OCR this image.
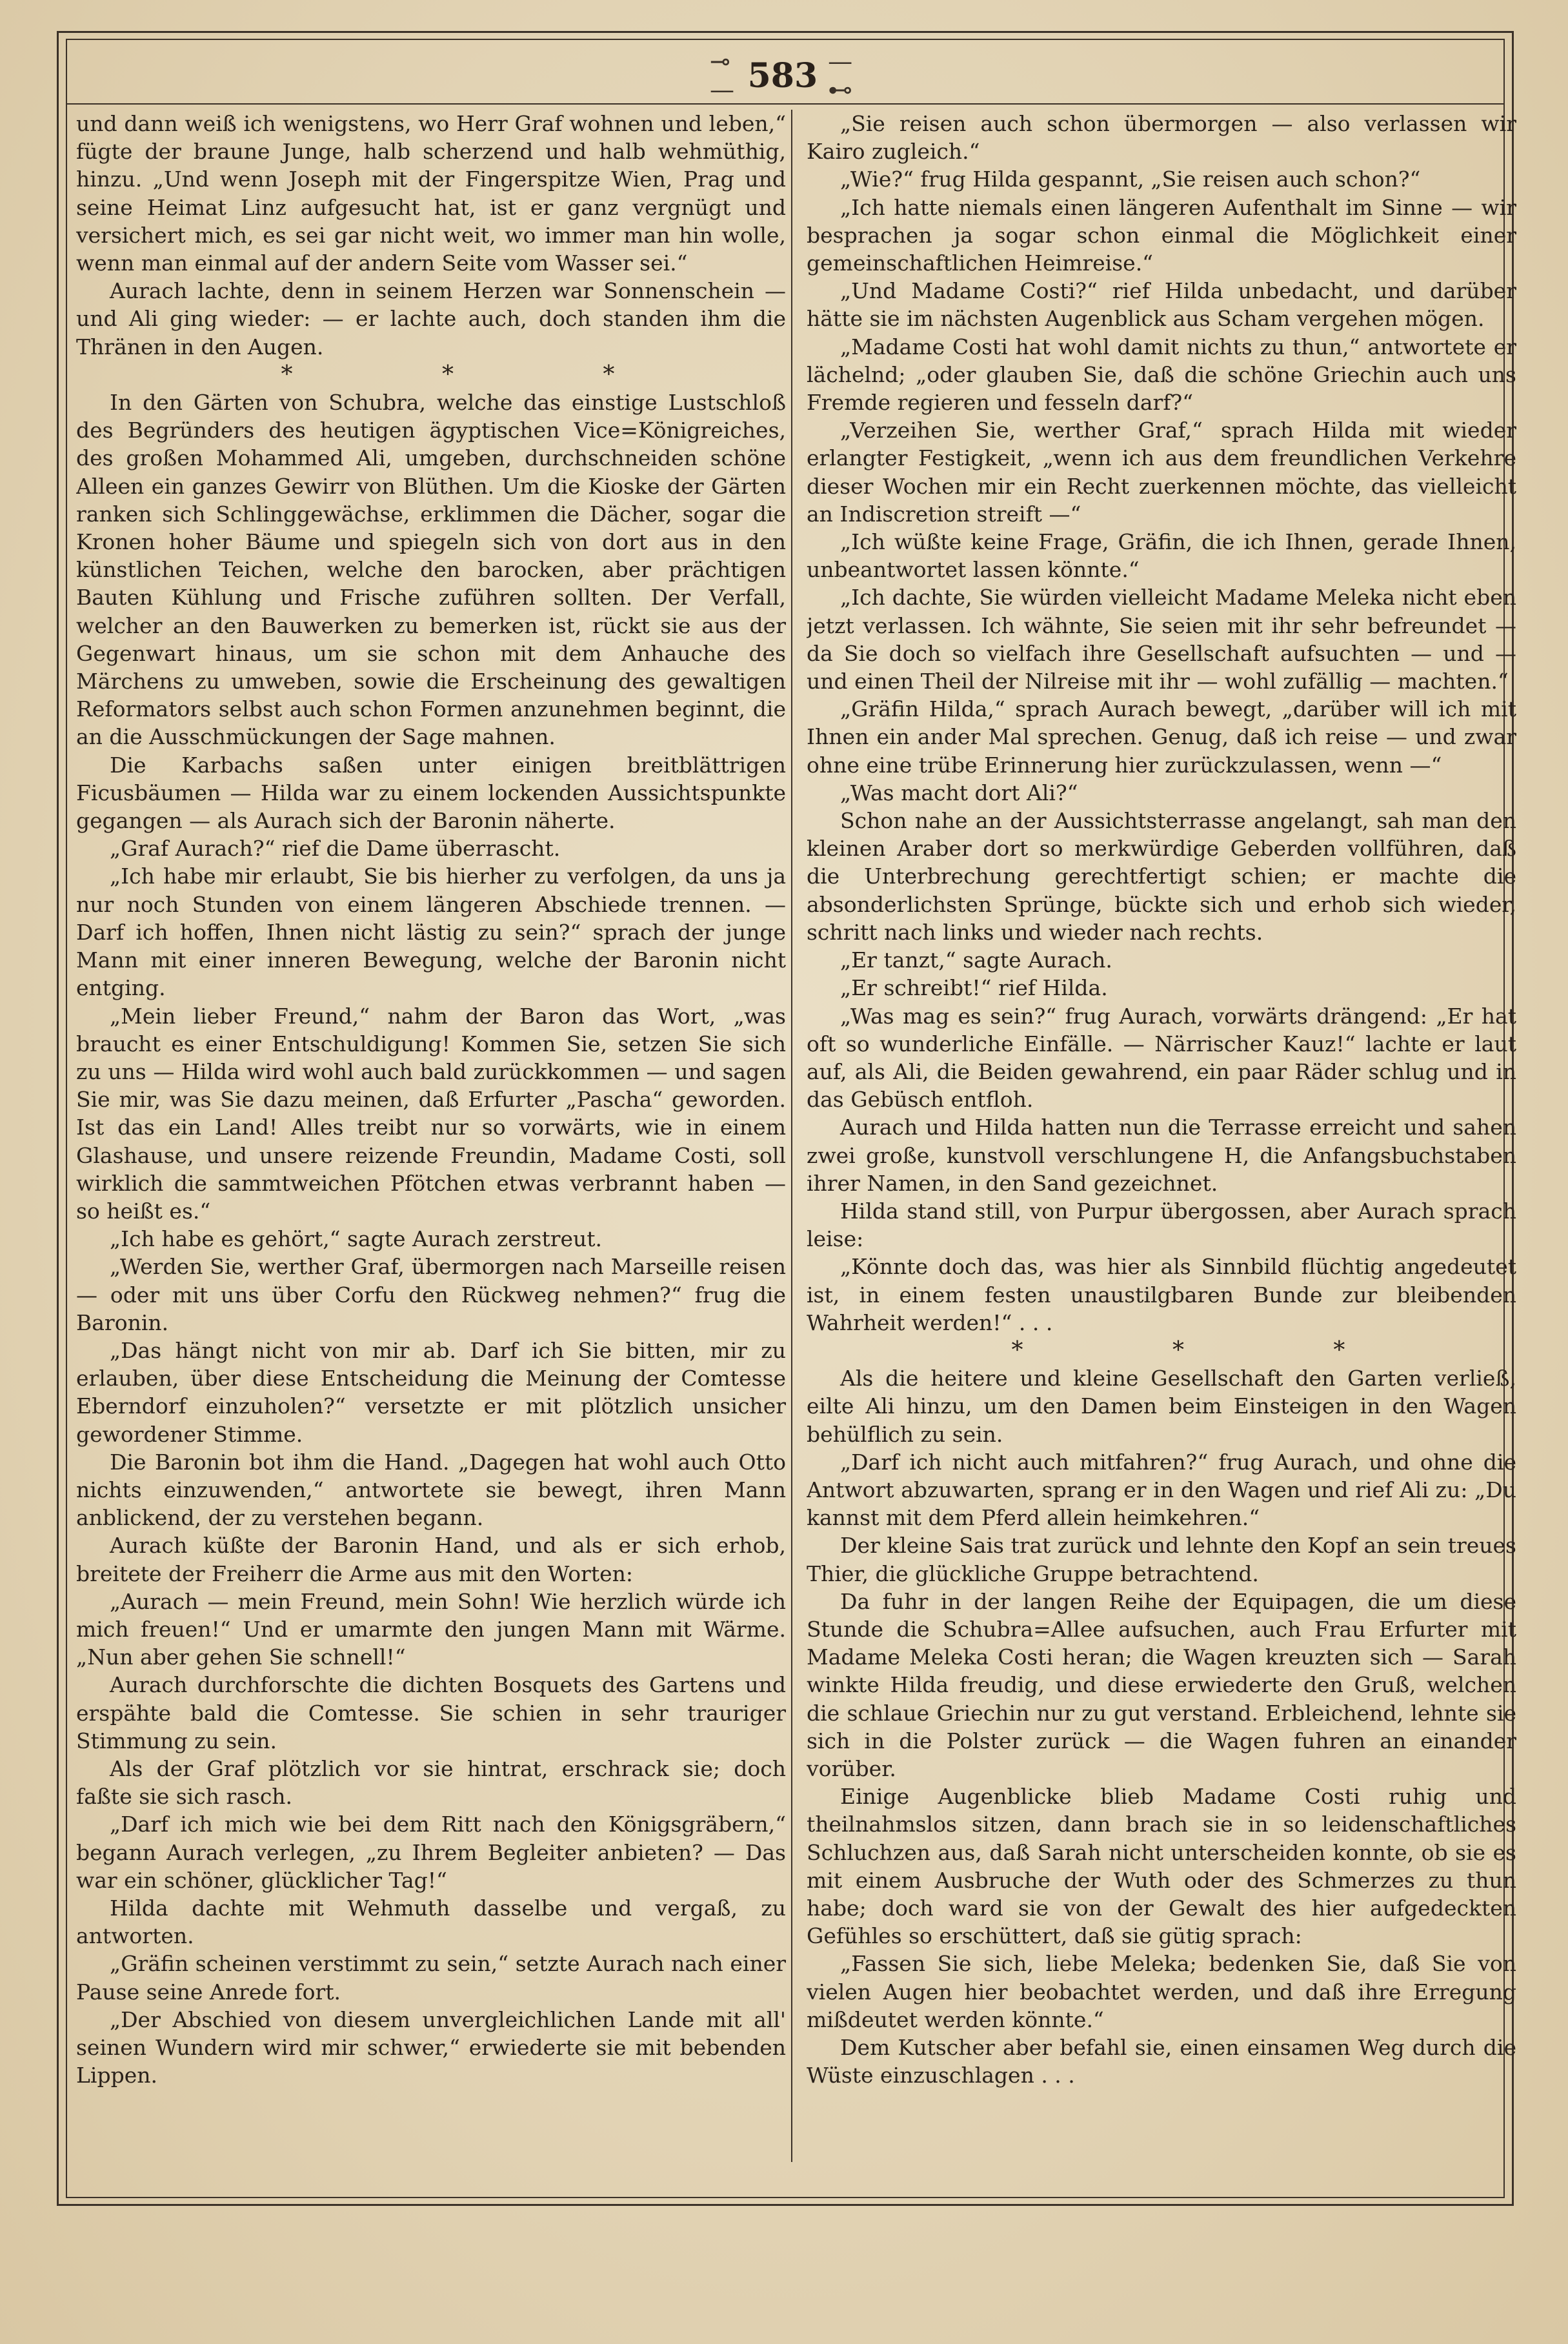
⊸— 583 —⊷

und dann weiß ich wenigstens, wo Herr Graf wohnen und leben,“ fügte der braune Junge, halb scherzend und halb wehmüthig, hinzu. „Und wenn Joseph mit der Fingerspitze Wien, Prag und seine Heimat Linz aufgesucht hat, ist er ganz vergnügt und versichert mich, es sei gar nicht weit, wo immer man hin wolle, wenn man einmal auf der andern Seite vom Wasser sei.“

Aurach lachte, denn in seinem Herzen war Sonnenschein — und Ali ging wieder: — er lachte auch, doch standen ihm die Thränen in den Augen.

* * *

In den Gärten von Schubra, welche das einstige Lustschloß des Begründers des heutigen ägyptischen Vice=Königreiches, des großen Mohammed Ali, umgeben, durchschneiden schöne Alleen ein ganzes Gewirr von Blüthen. Um die Kioske der Gärten ranken sich Schlinggewächse, erklimmen die Dächer, sogar die Kronen hoher Bäume und spiegeln sich von dort aus in den künstlichen Teichen, welche den barocken, aber prächtigen Bauten Kühlung und Frische zuführen sollten. Der Verfall, welcher an den Bauwerken zu bemerken ist, rückt sie aus der Gegenwart hinaus, um sie schon mit dem Anhauche des Märchens zu umweben, sowie die Erscheinung des gewaltigen Reformators selbst auch schon Formen anzunehmen beginnt, die an die Ausschmückungen der Sage mahnen.

Die Karbachs saßen unter einigen breitblättrigen Ficusbäumen — Hilda war zu einem lockenden Aussichtspunkte gegangen — als Aurach sich der Baronin näherte.

„Graf Aurach?“ rief die Dame überrascht.

„Ich habe mir erlaubt, Sie bis hierher zu verfolgen, da uns ja nur noch Stunden von einem längeren Abschiede trennen. — Darf ich hoffen, Ihnen nicht lästig zu sein?“ sprach der junge Mann mit einer inneren Bewegung, welche der Baronin nicht entging.

„Mein lieber Freund,“ nahm der Baron das Wort, „was braucht es einer Entschuldigung! Kommen Sie, setzen Sie sich zu uns — Hilda wird wohl auch bald zurückkommen — und sagen Sie mir, was Sie dazu meinen, daß Erfurter „Pascha“ geworden. Ist das ein Land! Alles treibt nur so vorwärts, wie in einem Glashause, und unsere reizende Freundin, Madame Costi, soll wirklich die sammtweichen Pfötchen etwas verbrannt haben — so heißt es.“

„Ich habe es gehört,“ sagte Aurach zerstreut.

„Werden Sie, werther Graf, übermorgen nach Marseille reisen — oder mit uns über Corfu den Rückweg nehmen?“ frug die Baronin.

„Das hängt nicht von mir ab. Darf ich Sie bitten, mir zu erlauben, über diese Entscheidung die Meinung der Comtesse Eberndorf einzuholen?“ versetzte er mit plötzlich unsicher gewordener Stimme.

Die Baronin bot ihm die Hand. „Dagegen hat wohl auch Otto nichts einzuwenden,“ antwortete sie bewegt, ihren Mann anblickend, der zu verstehen begann.

Aurach küßte der Baronin Hand, und als er sich erhob, breitete der Freiherr die Arme aus mit den Worten:

„Aurach — mein Freund, mein Sohn! Wie herzlich würde ich mich freuen!“ Und er umarmte den jungen Mann mit Wärme. „Nun aber gehen Sie schnell!“

Aurach durchforschte die dichten Bosquets des Gartens und erspähte bald die Comtesse. Sie schien in sehr trauriger Stimmung zu sein.

Als der Graf plötzlich vor sie hintrat, erschrack sie; doch faßte sie sich rasch.

„Darf ich mich wie bei dem Ritt nach den Königsgräbern,“ begann Aurach verlegen, „zu Ihrem Begleiter anbieten? — Das war ein schöner, glücklicher Tag!“

Hilda dachte mit Wehmuth dasselbe und vergaß, zu antworten.

„Gräfin scheinen verstimmt zu sein,“ setzte Aurach nach einer Pause seine Anrede fort.

„Der Abschied von diesem unvergleichlichen Lande mit all' seinen Wundern wird mir schwer,“ erwiederte sie mit bebenden Lippen.

„Sie reisen auch schon übermorgen — also verlassen wir Kairo zugleich.“

„Wie?“ frug Hilda gespannt, „Sie reisen auch schon?“

„Ich hatte niemals einen längeren Aufenthalt im Sinne — wir besprachen ja sogar schon einmal die Möglichkeit einer gemeinschaftlichen Heimreise.“

„Und Madame Costi?“ rief Hilda unbedacht, und darüber hätte sie im nächsten Augenblick aus Scham vergehen mögen.

„Madame Costi hat wohl damit nichts zu thun,“ antwortete er lächelnd; „oder glauben Sie, daß die schöne Griechin auch uns Fremde regieren und fesseln darf?“

„Verzeihen Sie, werther Graf,“ sprach Hilda mit wieder erlangter Festigkeit, „wenn ich aus dem freundlichen Verkehre dieser Wochen mir ein Recht zuerkennen möchte, das vielleicht an Indiscretion streift —“

„Ich wüßte keine Frage, Gräfin, die ich Ihnen, gerade Ihnen, unbeantwortet lassen könnte.“

„Ich dachte, Sie würden vielleicht Madame Meleka nicht eben jetzt verlassen. Ich wähnte, Sie seien mit ihr sehr befreundet — da Sie doch so vielfach ihre Gesellschaft aufsuchten — und — und einen Theil der Nilreise mit ihr — wohl zufällig — machten.“

„Gräfin Hilda,“ sprach Aurach bewegt, „darüber will ich mit Ihnen ein ander Mal sprechen. Genug, daß ich reise — und zwar ohne eine trübe Erinnerung hier zurückzulassen, wenn —“

„Was macht dort Ali?“

Schon nahe an der Aussichtsterrasse angelangt, sah man den kleinen Araber dort so merkwürdige Geberden vollführen, daß die Unterbrechung gerechtfertigt schien; er machte die absonderlichsten Sprünge, bückte sich und erhob sich wieder, schritt nach links und wieder nach rechts.

„Er tanzt,“ sagte Aurach.

„Er schreibt!“ rief Hilda.

„Was mag es sein?“ frug Aurach, vorwärts drängend: „Er hat oft so wunderliche Einfälle. — Närrischer Kauz!“ lachte er laut auf, als Ali, die Beiden gewahrend, ein paar Räder schlug und in das Gebüsch entfloh.

Aurach und Hilda hatten nun die Terrasse erreicht und sahen zwei große, kunstvoll verschlungene H, die Anfangsbuchstaben ihrer Namen, in den Sand gezeichnet.

Hilda stand still, von Purpur übergossen, aber Aurach sprach leise:

„Könnte doch das, was hier als Sinnbild flüchtig angedeutet ist, in einem festen unaustilgbaren Bunde zur bleibenden Wahrheit werden!“ . . .

* * *

Als die heitere und kleine Gesellschaft den Garten verließ, eilte Ali hinzu, um den Damen beim Einsteigen in den Wagen behülflich zu sein.

„Darf ich nicht auch mitfahren?“ frug Aurach, und ohne die Antwort abzuwarten, sprang er in den Wagen und rief Ali zu: „Du kannst mit dem Pferd allein heimkehren.“

Der kleine Sais trat zurück und lehnte den Kopf an sein treues Thier, die glückliche Gruppe betrachtend.

Da fuhr in der langen Reihe der Equipagen, die um diese Stunde die Schubra=Allee aufsuchen, auch Frau Erfurter mit Madame Meleka Costi heran; die Wagen kreuzten sich — Sarah winkte Hilda freudig, und diese erwiederte den Gruß, welchen die schlaue Griechin nur zu gut verstand. Erbleichend, lehnte sie sich in die Polster zurück — die Wagen fuhren an einander vorüber.

Einige Augenblicke blieb Madame Costi ruhig und theilnahmslos sitzen, dann brach sie in so leidenschaftliches Schluchzen aus, daß Sarah nicht unterscheiden konnte, ob sie es mit einem Ausbruche der Wuth oder des Schmerzes zu thun habe; doch ward sie von der Gewalt des hier aufgedeckten Gefühles so erschüttert, daß sie gütig sprach:

„Fassen Sie sich, liebe Meleka; bedenken Sie, daß Sie von vielen Augen hier beobachtet werden, und daß ihre Erregung mißdeutet werden könnte.“

Dem Kutscher aber befahl sie, einen einsamen Weg durch die Wüste einzuschlagen . . .
